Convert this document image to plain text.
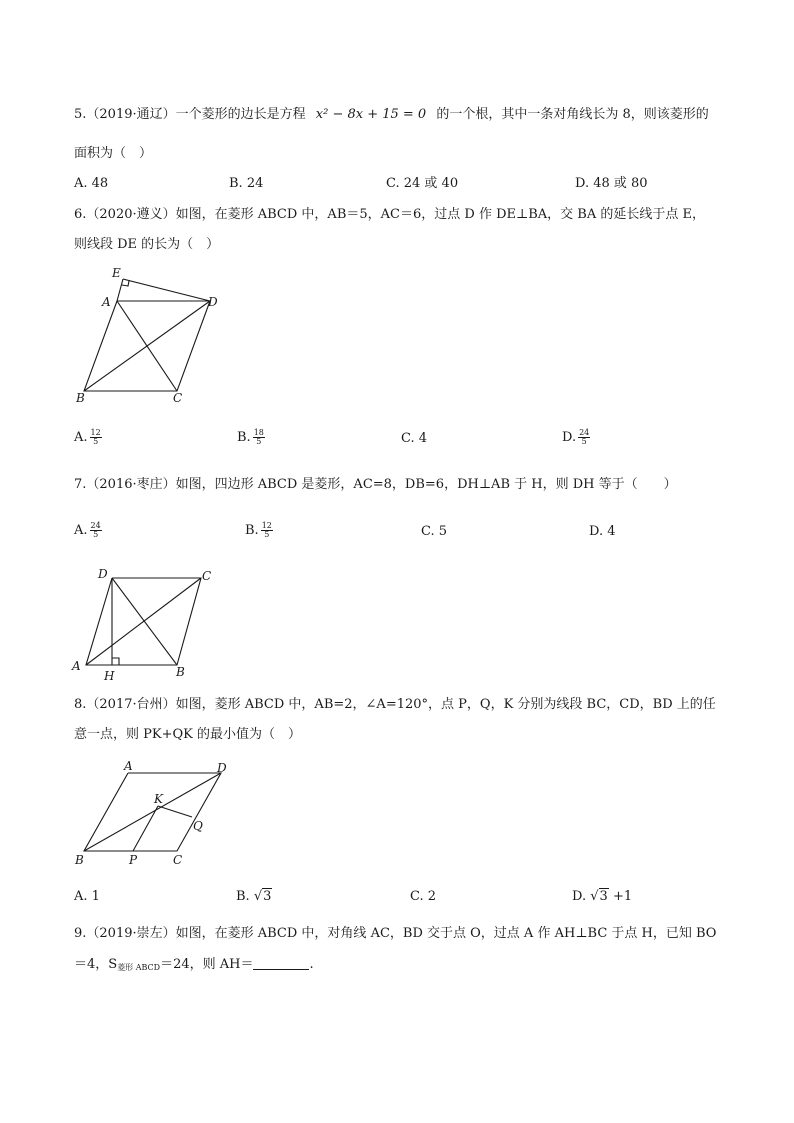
5.（2019·通辽）一个菱形的边长是方程 x² − 8x + 15 = 0 的一个根，其中一条对角线长为 8，则该菱形的
面积为（　）
A. 48	B. 24	C. 24 或 40	D. 48 或 80
6.（2020·遵义）如图，在菱形 ABCD 中，AB＝5，AC＝6，过点 D 作 DE⊥BA，交 BA 的延长线于点 E，
则线段 DE 的长为（　）
E
A	D
B	C
A. $\frac{12}{5}$	B. $\frac{18}{5}$	C. 4	D. $\frac{24}{5}$
7.（2016·枣庄）如图，四边形 ABCD 是菱形，AC=8，DB=6，DH⊥AB 于 H，则 DH 等于（　　）
A. $\frac{24}{5}$	B. $\frac{12}{5}$	C. 5	D. 4
D	C
A
H	B
8.（2017·台州）如图，菱形 ABCD 中，AB=2，∠A=120°，点 P，Q，K 分别为线段 BC，CD，BD 上的任
意一点，则 PK+QK 的最小值为（　）
A	D
K
Q
B	P	C
A. 1	B. √3	C. 2	D. √3 +1
9.（2019·崇左）如图，在菱形 ABCD 中，对角线 AC，BD 交于点 O，过点 A 作 AH⊥BC 于点 H，已知 BO
＝4，$S_{菱形 ABCD}=24$，则 AH＝	.
